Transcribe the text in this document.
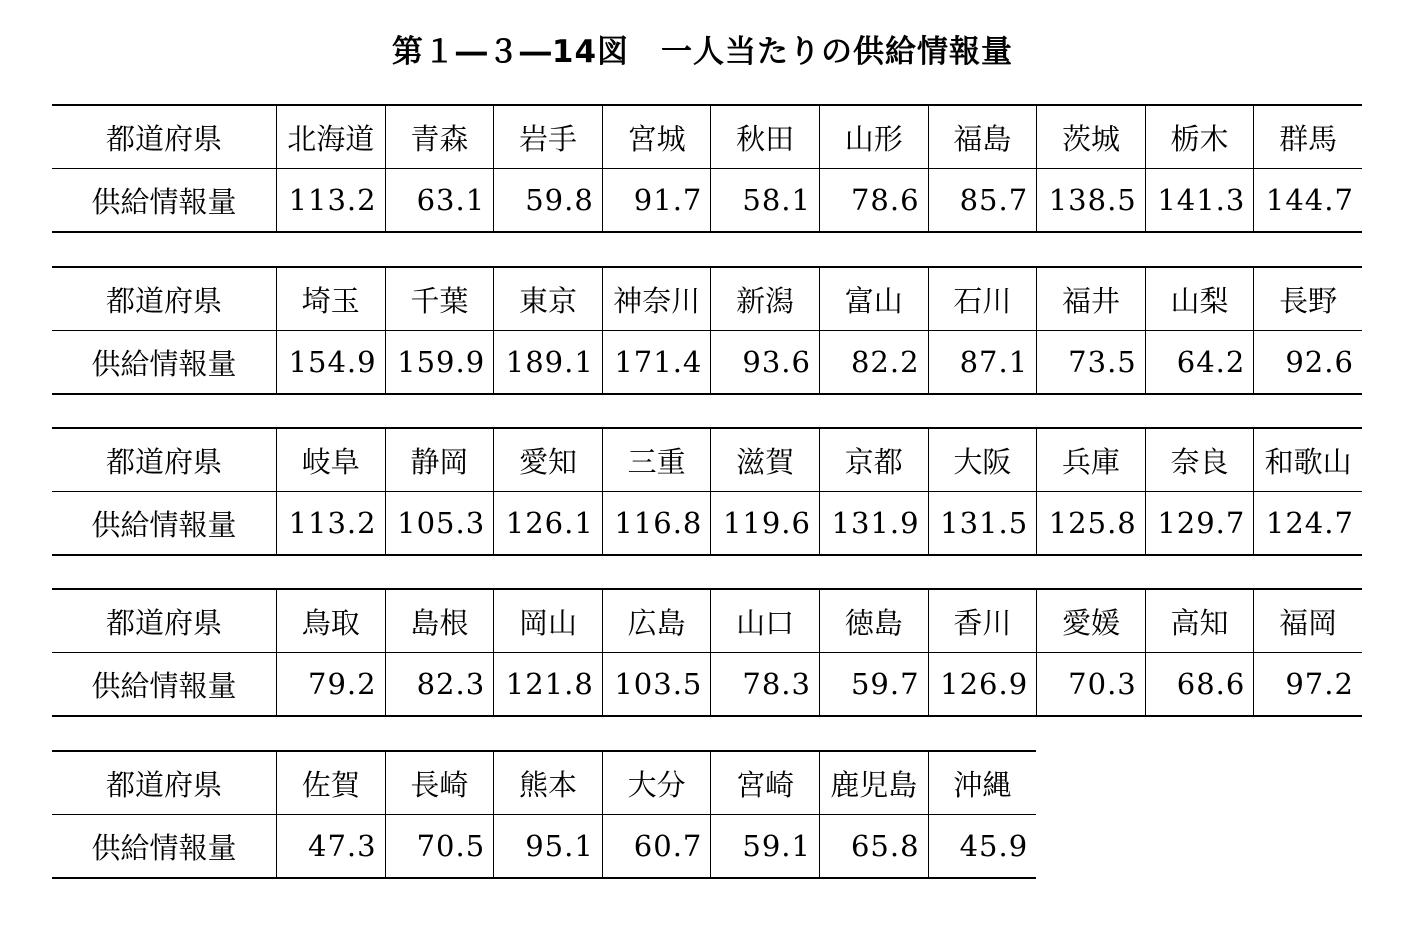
第１―３―14図　一人当たりの供給情報量
都道府県	北海道	青森	岩手	宮城	秋田	山形	福島	茨城	栃木	群馬
供給情報量	113.2	63.1	59.8	91.7	58.1	78.6	85.7	138.5	141.3	144.7
都道府県	埼玉	千葉	東京	神奈川	新潟	富山	石川	福井	山梨	長野
供給情報量	154.9	159.9	189.1	171.4	93.6	82.2	87.1	73.5	64.2	92.6
都道府県	岐阜	静岡	愛知	三重	滋賀	京都	大阪	兵庫	奈良	和歌山
供給情報量	113.2	105.3	126.1	116.8	119.6	131.9	131.5	125.8	129.7	124.7
都道府県	鳥取	島根	岡山	広島	山口	徳島	香川	愛媛	高知	福岡
供給情報量	79.2	82.3	121.8	103.5	78.3	59.7	126.9	70.3	68.6	97.2
都道府県	佐賀	長崎	熊本	大分	宮崎	鹿児島	沖縄
供給情報量	47.3	70.5	95.1	60.7	59.1	65.8	45.9
